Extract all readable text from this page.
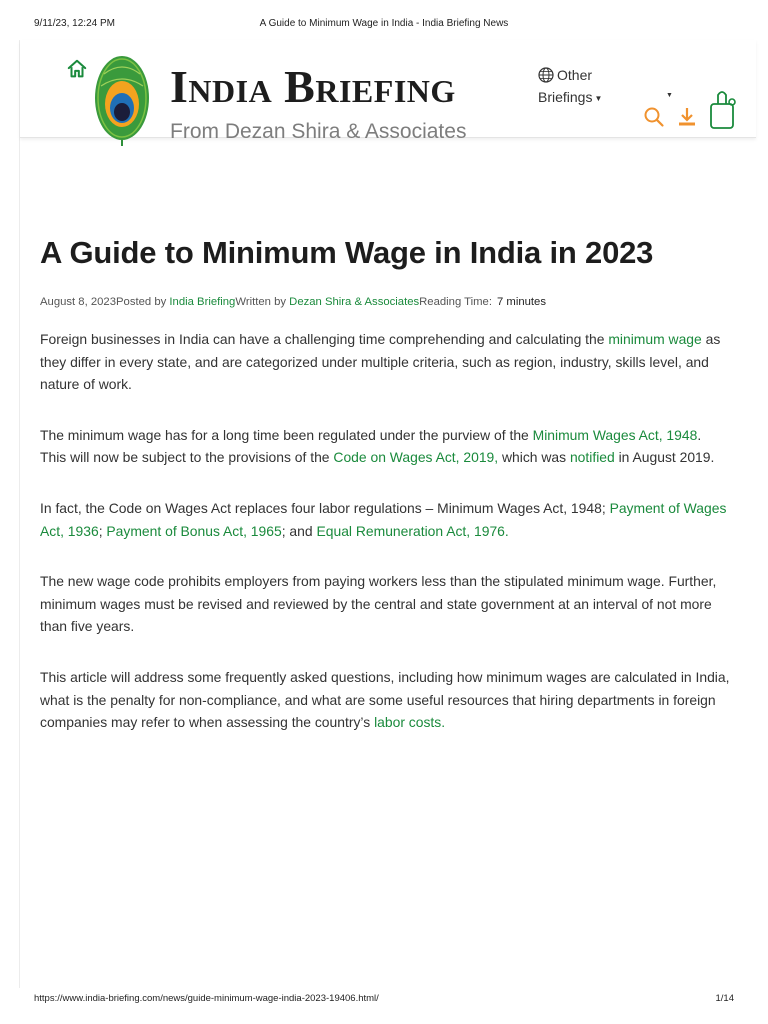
9/11/23, 12:24 PM	A Guide to Minimum Wage in India - India Briefing News
India Briefing
From Dezan Shira & Associates
Other
Briefings ▼	▼
A Guide to Minimum Wage in India in 2023
August 8, 2023Posted by India BriefingWritten by Dezan Shira & AssociatesReading Time: 7 minutes

Foreign businesses in India can have a challenging time comprehending and calculating the minimum wage as they differ in every state, and are categorized under multiple criteria, such as region, industry, skills level, and nature of work.

The minimum wage has for a long time been regulated under the purview of the Minimum Wages Act, 1948. This will now be subject to the provisions of the Code on Wages Act, 2019, which was notified in August 2019.

In fact, the Code on Wages Act replaces four labor regulations – Minimum Wages Act, 1948; Payment of Wages Act, 1936; Payment of Bonus Act, 1965; and Equal Remuneration Act, 1976.

The new wage code prohibits employers from paying workers less than the stipulated minimum wage. Further, minimum wages must be revised and reviewed by the central and state government at an interval of not more than five years.

This article will address some frequently asked questions, including how minimum wages are calculated in India, what is the penalty for non-compliance, and what are some useful resources that hiring departments in foreign companies may refer to when assessing the country’s labor costs.

https://www.india-briefing.com/news/guide-minimum-wage-india-2023-19406.html/	1/14
